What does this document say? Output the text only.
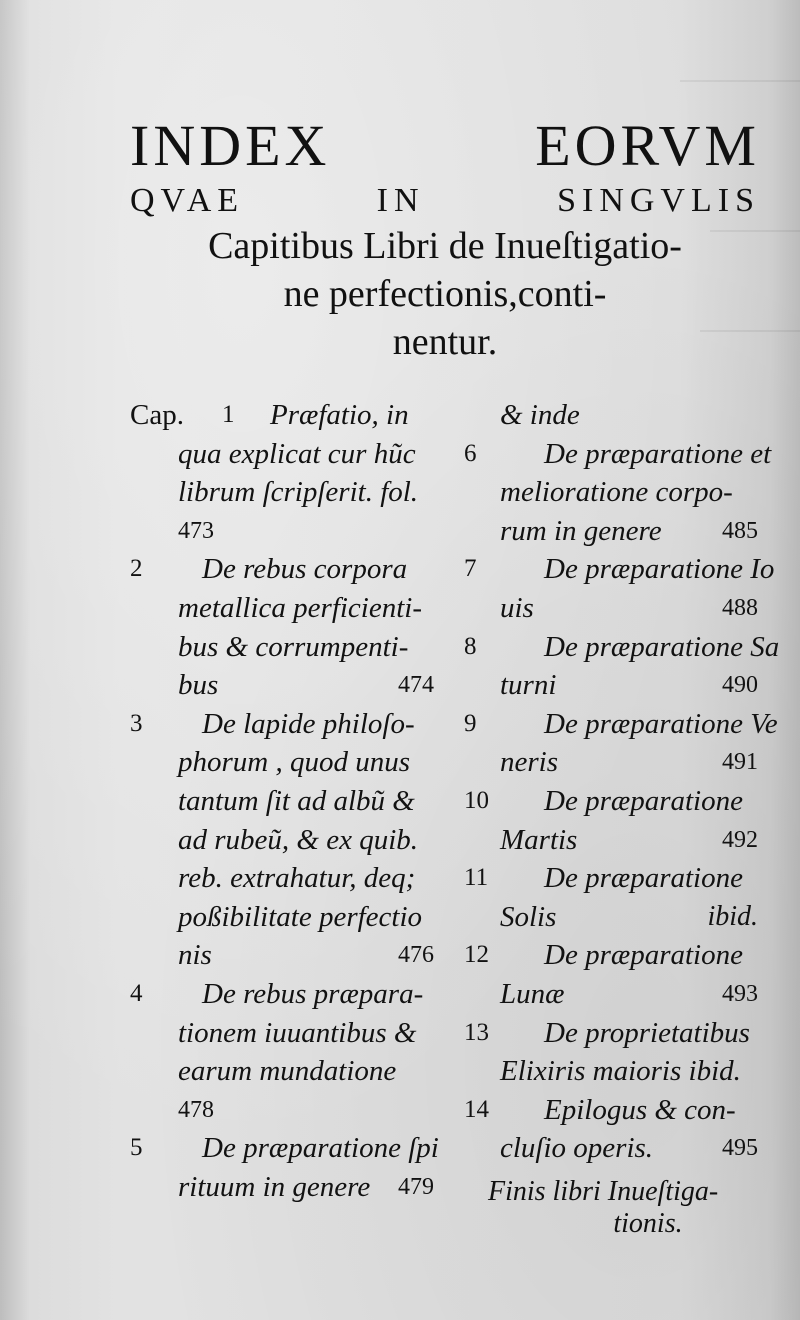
INDEX	EORVM
QVAE	IN	SINGVLIS
Capitibus Libri de Inueſtigatio-
ne perfectionis,conti-
nentur.
Cap. 1 Præfatio, in
qua explicat cur hũc
librum ſcripſerit. fol.
473
2 De rebus corpora
metallica perficienti-
bus & corrumpenti-
bus	474
3 De lapide philoſo-
phorum , quod unus
tantum ſit ad albũ &
ad rubeũ, & ex quib.
reb. extrahatur, deq;
poßibilitate perfectio
nis	476
4 De rebus præpara-
tionem iuuantibus &
earum mundatione
478
5 De præparatione ſpi
rituum in genere 479
& inde
6 De præparatione et
melioratione corpo-
rum in genere	485
7 De præparatione Io
uis	488
8 De præparatione Sa
turni	490
9 De præparatione Ve
neris	491
10 De præparatione
Martis	492
11 De præparatione
Solis	ibid.
12 De præparatione
Lunæ	493
13 De proprietatibus
Elixiris maioris ibid.
14 Epilogus & con-
cluſio operis.	495
Finis libri Inueſtiga-
tionis.
